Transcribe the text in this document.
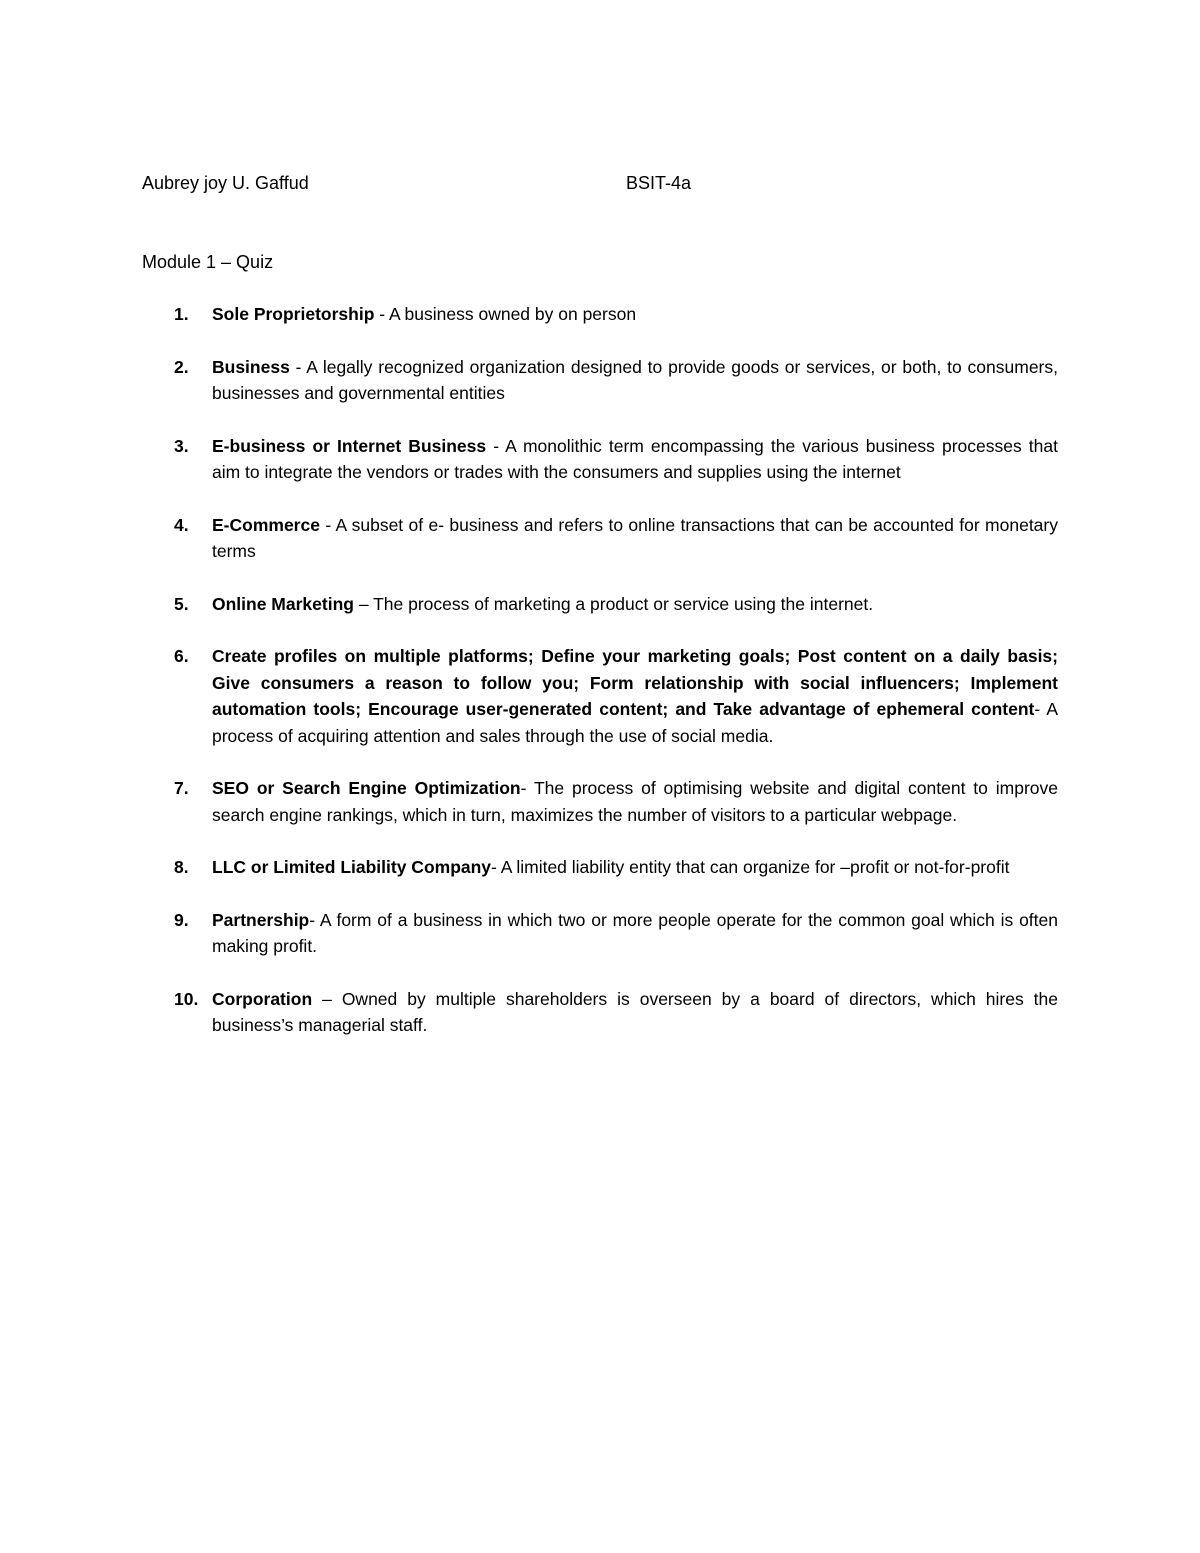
Aubrey joy U. Gaffud	BSIT-4a
Module 1 – Quiz
1. Sole Proprietorship - A business owned by on person
2. Business - A legally recognized organization designed to provide goods or services, or both, to consumers, businesses and governmental entities
3. E-business or Internet Business - A monolithic term encompassing the various business processes that aim to integrate the vendors or trades with the consumers and supplies using the internet
4. E-Commerce - A subset of e- business and refers to online transactions that can be accounted for monetary terms
5. Online Marketing – The process of marketing a product or service using the internet.
6. Create profiles on multiple platforms; Define your marketing goals; Post content on a daily basis; Give consumers a reason to follow you; Form relationship with social influencers; Implement automation tools; Encourage user-generated content; and Take advantage of ephemeral content- A process of acquiring attention and sales through the use of social media.
7. SEO or Search Engine Optimization- The process of optimising website and digital content to improve search engine rankings, which in turn, maximizes the number of visitors to a particular webpage.
8. LLC or Limited Liability Company- A limited liability entity that can organize for –profit or not-for-profit
9. Partnership- A form of a business in which two or more people operate for the common goal which is often making profit.
10. Corporation – Owned by multiple shareholders is overseen by a board of directors, which hires the business’s managerial staff.
